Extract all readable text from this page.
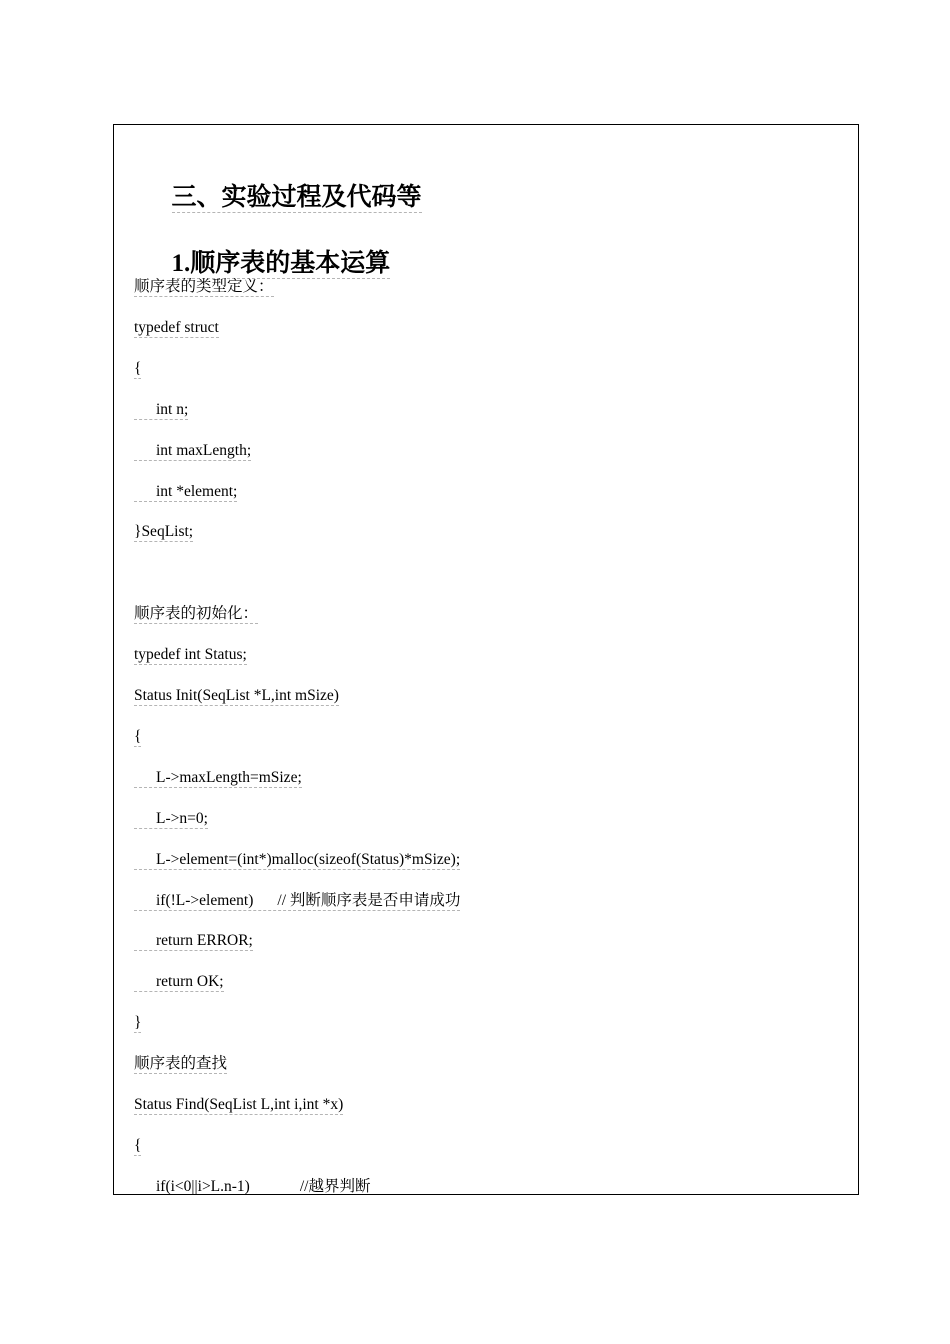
三、实验过程及代码等

1.顺序表的基本运算

顺序表的类型定义：
typedef struct
{
int n;
int maxLength;
int *element;
}SeqList;
顺序表的初始化：
typedef int Status;
Status Init(SeqList *L,int mSize)
{
L->maxLength=mSize;
L->n=0;
L->element=(int*)malloc(sizeof(Status)*mSize);
if(!L->element) // 判断顺序表是否申请成功
return ERROR;
return OK;
}
顺序表的查找
Status Find(SeqList L,int i,int *x)
{
if(i<0||i>L.n-1)	//越界判断
